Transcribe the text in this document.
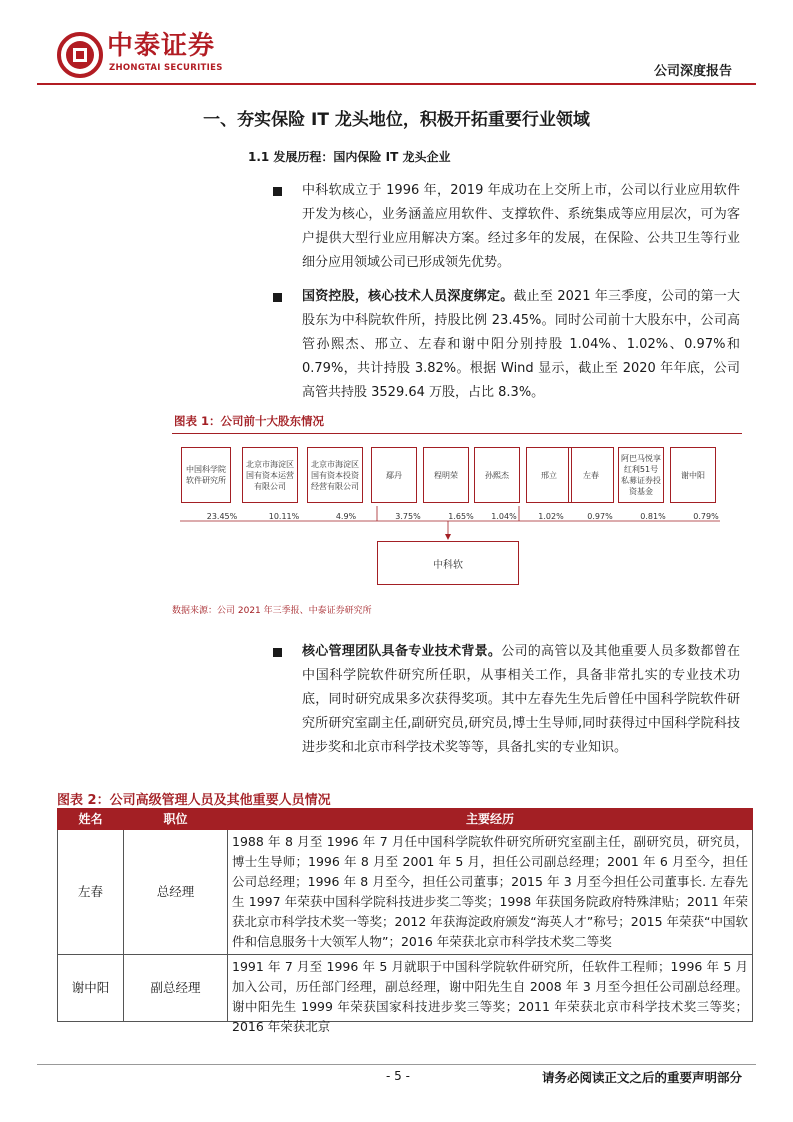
中泰证券
ZHONGTAI SECURITIES	公司深度报告
一、夯实保险 IT 龙头地位，积极开拓重要行业领域
1.1 发展历程：国内保险 IT 龙头企业
中科软成立于 1996 年，2019 年成功在上交所上市，公司以行业应用软件开发为核心，业务涵盖应用软件、支撑软件、系统集成等应用层次，可为客户提供大型行业应用解决方案。经过多年的发展，在保险、公共卫生等行业细分应用领域公司已形成领先优势。
国资控股，核心技术人员深度绑定。截止至 2021 年三季度，公司的第一大股东为中科院软件所，持股比例 23.45%。同时公司前十大股东中，公司高管孙熙杰、邢立、左春和谢中阳分别持股 1.04%、1.02%、0.97%和 0.79%，共计持股 3.82%。根据 Wind 显示，截止至 2020 年年底，公司高管共持股 3529.64 万股，占比 8.3%。
图表 1：公司前十大股东情况
中国科学院软件研究所
北京市海淀区国有资本运营有限公司
北京市海淀区国有资本投资经营有限公司
鄢丹	程明荣	孙熙杰	邢立	左春
阿巴马悦享红利51号私募证券投资基金
谢中阳
23.45%	10.11%	4.9%	3.75%	1.65%	1.04%	1.02%	0.97%	0.81%	0.79%
中科软
数据来源：公司 2021 年三季报、中泰证券研究所
核心管理团队具备专业技术背景。公司的高管以及其他重要人员多数都曾在中国科学院软件研究所任职，从事相关工作，具备非常扎实的专业技术功底，同时研究成果多次获得奖项。其中左春先生先后曾任中国科学院软件研究所研究室副主任,副研究员,研究员,博士生导师,同时获得过中国科学院科技进步奖和北京市科学技术奖等等，具备扎实的专业知识。
图表 2：公司高级管理人员及其他重要人员情况
姓名	职位	主要经历
左春	总经理	1988 年 8 月至 1996 年 7 月任中国科学院软件研究所研究室副主任，副研究员，研究员，博士生导师；1996 年 8 月至 2001 年 5 月，担任公司副总经理；2001 年 6 月至今，担任公司总经理；1996 年 8 月至今，担任公司董事；2015 年 3 月至今担任公司董事长. 左春先生 1997 年荣获中国科学院科技进步奖二等奖；1998 年获国务院政府特殊津贴；2011 年荣获北京市科学技术奖一等奖；2012 年获海淀政府颁发“海英人才”称号；2015 年荣获“中国软件和信息服务十大领军人物”；2016 年荣获北京市科学技术奖二等奖
谢中阳	副总经理	1991 年 7 月至 1996 年 5 月就职于中国科学院软件研究所，任软件工程师；1996 年 5 月加入公司，历任部门经理，副总经理，谢中阳先生自 2008 年 3 月至今担任公司副总经理。谢中阳先生 1999 年荣获国家科技进步奖三等奖；2011 年荣获北京市科学技术奖三等奖；2016 年荣获北京
- 5 -	请务必阅读正文之后的重要声明部分
